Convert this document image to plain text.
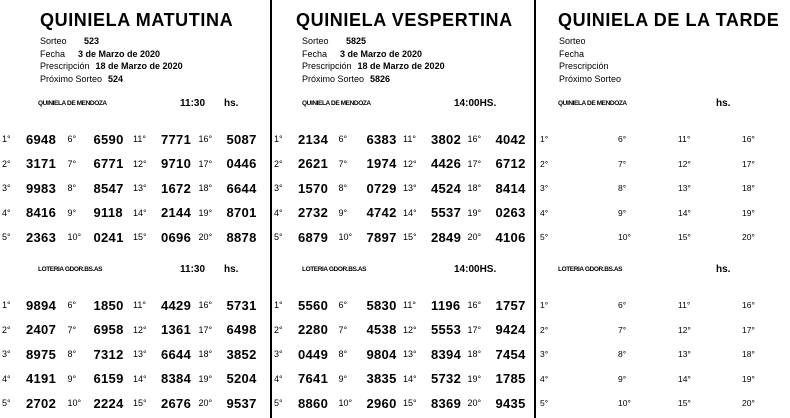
QUINIELA MATUTINA
Sorteo	523
Fecha	3 de Marzo de 2020
Prescripción 18 de Marzo de 2020
Próximo Sorteo 524
QUINIELA DE MENDOZA	11:30 hs.
1°	6948 6°	6590 11°	7771 16°	5087
2°	3171 7°	6771 12°	9710 17°	0446
3°	9983 8°	8547 13°	1672 18°	6644
4°	8416 9°	9118 14°	2144 19°	8701
5°	2363 10° 0241 15°	0696 20°	8878
LOTERIA GDOR.BS.AS	11:30 hs.
1°	9894 6°	1850 11°	4429 16°	5731
2°	2407 7°	6958 12°	1361 17°	6498
3°	8975 8°	7312 13°	6644 18°	3852
4°	4191 9°	6159 14°	8384 19°	5204
5°	2702 10° 2224 15°	2676 20°	9537
QUINIELA VESPERTINA
Sorteo	5825
Fecha	3 de Marzo de 2020
Prescripción 18 de Marzo de 2020
Próximo Sorteo 5826
QUINIELA DE MENDOZA	14:00HS.
1°	2134 6°	6383 11°	3802 16°	4042
2°	2621 7°	1974 12°	4426 17°	6712
3°	1570 8°	0729 13°	4524 18°	8414
4°	2732 9°	4742 14°	5537 19°	0263
5°	6879 10°	7897 15°	2849 20°	4106
LOTERIA GDOR.BS.AS	14:00HS.
1°	5560 6°	5830 11°	1196 16°	1757
2°	2280 7°	4538 12°	5553 17°	9424
3°	0449 8°	9804 13°	8394 18°	7454
4°	7641 9°	3835 14°	5732 19°	1785
5°	8860 10°	2960 15°	8369 20°	9435
QUINIELA DE LA TARDE
Sorteo
Fecha
Prescripción
Próximo Sorteo
QUINIELA DE MENDOZA	hs.
1°	6°	11°	16°
2°	7°	12°	17°
3°	8°	13°	18°
4°	9°	14°	19°
5°	10°	15°	20°
LOTERIA GDOR.BS.AS	hs.
1°	6°	11°	16°
2°	7°	12°	17°
3°	8°	13°	18°
4°	9°	14°	19°
5°	10°	15°	20°
